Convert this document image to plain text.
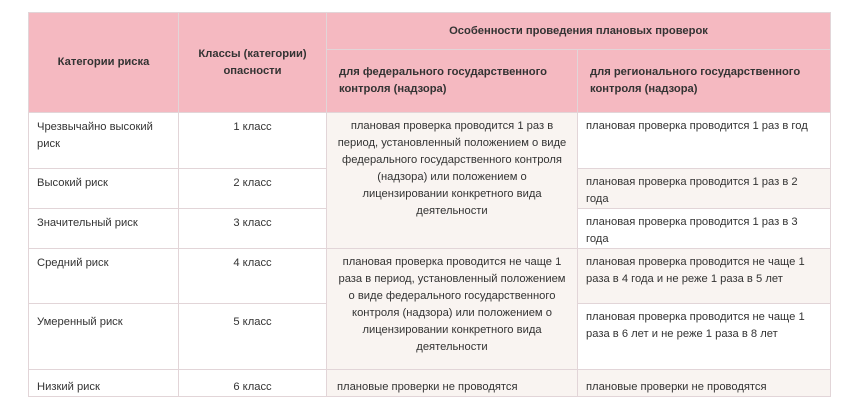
Категории риска	Классы (категории) опасности	Особенности проведения плановых проверок	
		для федерального государственного контроля (надзора)	для регионального государственного контроля (надзора)
Чрезвычайно высокий риск	1 класс	плановая проверка проводится 1 раз в период, установленный положением о виде федерального государственного контроля (надзора) или положением о лицензировании конкретного вида деятельности	плановая проверка проводится 1 раз в год
Высокий риск	2 класс		плановая проверка проводится 1 раз в 2 года
Значительный риск	3 класс		плановая проверка проводится 1 раз в 3 года
Средний риск	4 класс	плановая проверка проводится не чаще 1 раза в период, установленный положением о виде федерального государственного контроля (надзора) или положением о лицензировании конкретного вида деятельности	плановая проверка проводится не чаще 1 раза в 4 года и не реже 1 раза в 5 лет
Умеренный риск	5 класс		плановая проверка проводится не чаще 1 раза в 6 лет и не реже 1 раза в 8 лет
Низкий риск	6 класс	плановые проверки не проводятся	плановые проверки не проводятся
